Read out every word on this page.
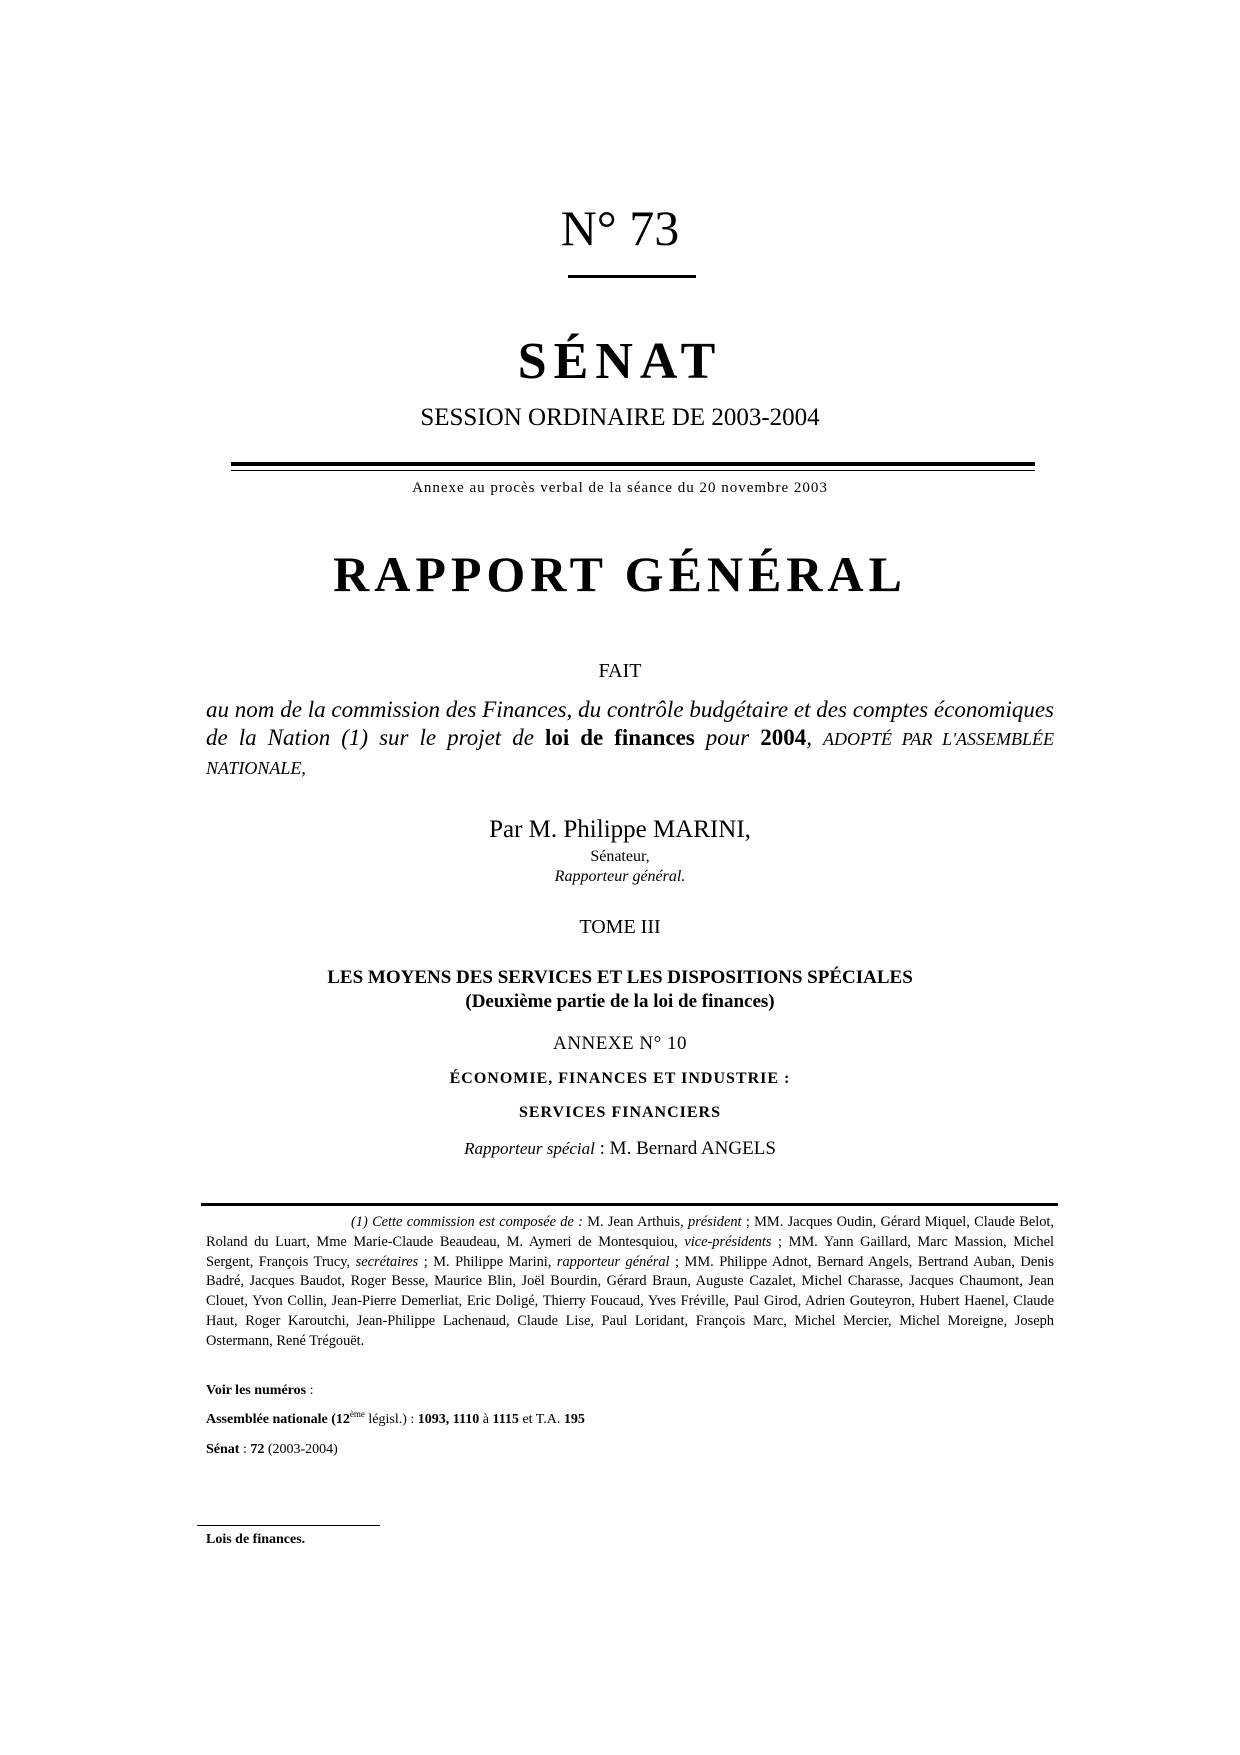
N° 73
SÉNAT
SESSION ORDINAIRE DE 2003-2004
Annexe au procès verbal de la séance du 20 novembre 2003
RAPPORT GÉNÉRAL
FAIT
au nom de la commission des Finances, du contrôle budgétaire et des comptes économiques de la Nation (1) sur le projet de loi de finances pour 2004, ADOPTÉ PAR L'ASSEMBLÉE NATIONALE,
Par M. Philippe MARINI,
Sénateur,
Rapporteur général.
TOME III
LES MOYENS DES SERVICES ET LES DISPOSITIONS SPÉCIALES
(Deuxième partie de la loi de finances)
ANNEXE N° 10
ÉCONOMIE, FINANCES ET INDUSTRIE :
SERVICES FINANCIERS
Rapporteur spécial : M. Bernard ANGELS
(1) Cette commission est composée de : M. Jean Arthuis, président ; MM. Jacques Oudin, Gérard Miquel, Claude Belot, Roland du Luart, Mme Marie-Claude Beaudeau, M. Aymeri de Montesquiou, vice-présidents ; MM. Yann Gaillard, Marc Massion, Michel Sergent, François Trucy, secrétaires ; M. Philippe Marini, rapporteur général ; MM. Philippe Adnot, Bernard Angels, Bertrand Auban, Denis Badré, Jacques Baudot, Roger Besse, Maurice Blin, Joël Bourdin, Gérard Braun, Auguste Cazalet, Michel Charasse, Jacques Chaumont, Jean Clouet, Yvon Collin, Jean-Pierre Demerliat, Eric Doligé, Thierry Foucaud, Yves Fréville, Paul Girod, Adrien Gouteyron, Hubert Haenel, Claude Haut, Roger Karoutchi, Jean-Philippe Lachenaud, Claude Lise, Paul Loridant, François Marc, Michel Mercier, Michel Moreigne, Joseph Ostermann, René Trégouët.
Voir les numéros :
Assemblée nationale (12ème législ.) : 1093, 1110 à 1115 et T.A. 195
Sénat : 72 (2003-2004)
Lois de finances.
